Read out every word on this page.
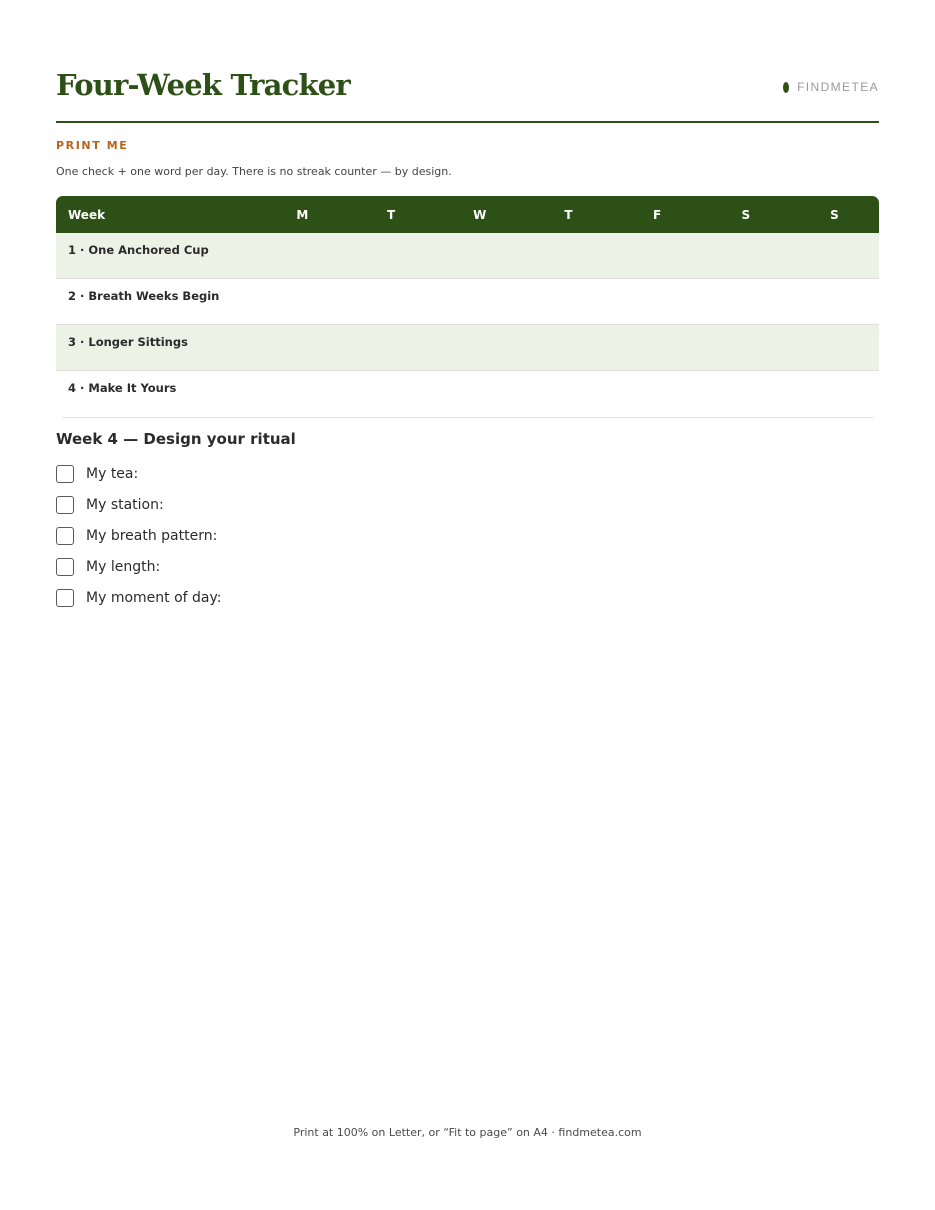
Four-Week Tracker	FINDMETEA

PRINT ME

One check + one word per day. There is no streak counter — by design.

Week	M	T	W	T	F	S	S
1 · One Anchored Cup
2 · Breath Weeks Begin
3 · Longer Sittings
4 · Make It Yours
Week 4 — Design your ritual
My tea:
My station:
My breath pattern:
My length:
My moment of day:

Print at 100% on Letter, or “Fit to page” on A4 · findmetea.com
